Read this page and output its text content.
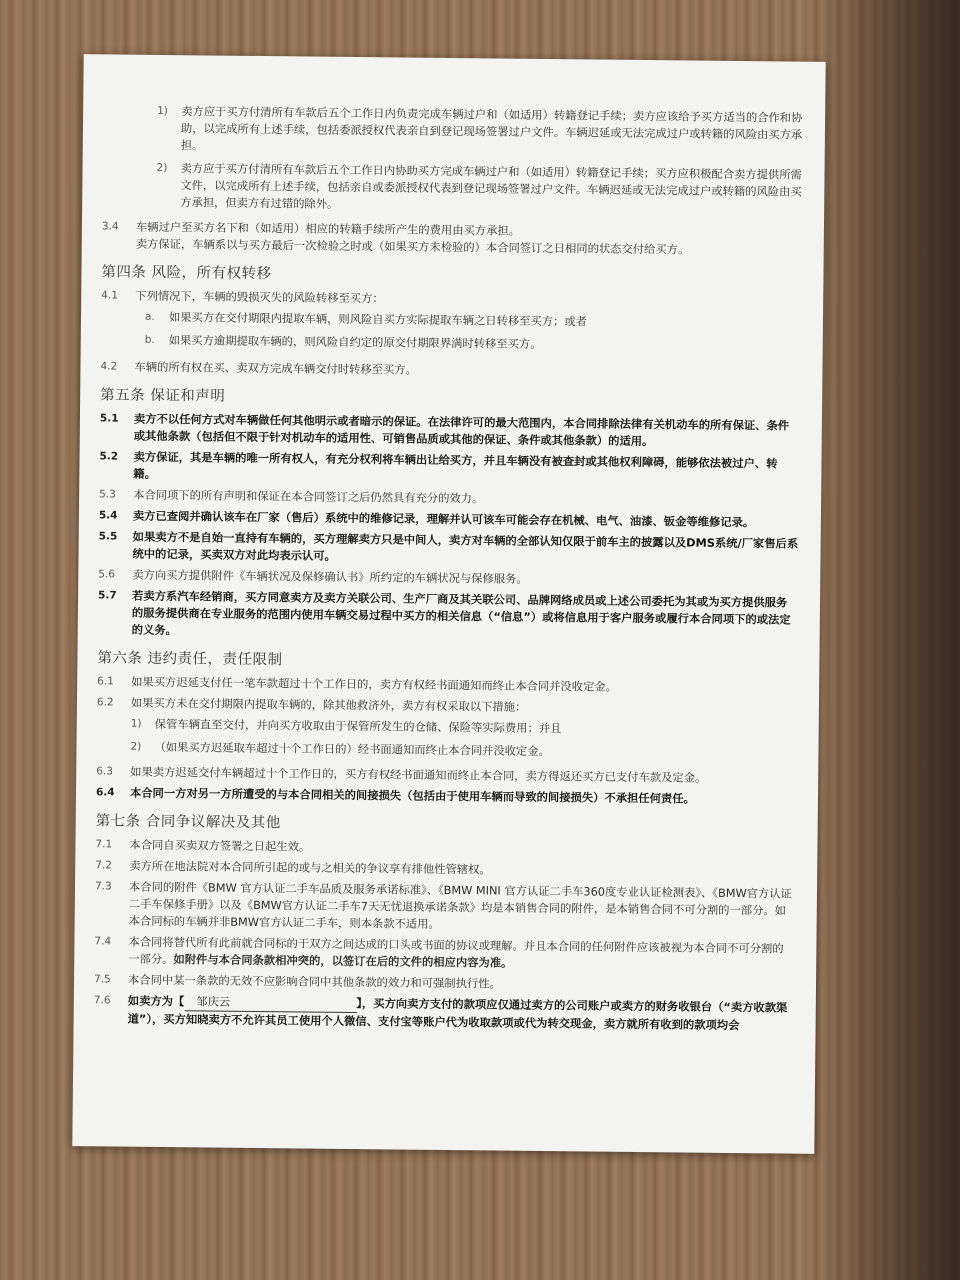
1)	卖方应于买方付清所有车款后五个工作日内负责完成车辆过户和（如适用）转籍登记手续；卖方应该给予买方适当的合作和协助，以完成所有上述手续，包括委派授权代表亲自到登记现场签署过户文件。车辆迟延或无法完成过户或转籍的风险由买方承担。
2)	卖方应于买方付清所有车款后五个工作日内协助买方完成车辆过户和（如适用）转籍登记手续；买方应积极配合卖方提供所需文件，以完成所有上述手续，包括亲自或委派授权代表到登记现场签署过户文件。车辆迟延或无法完成过户或转籍的风险由买方承担，但卖方有过错的除外。
3.4	车辆过户至买方名下和（如适用）相应的转籍手续所产生的费用由买方承担。
卖方保证，车辆系以与买方最后一次检验之时或（如果买方未检验的）本合同签订之日相同的状态交付给买方。
第四条 风险，所有权转移
4.1	下列情况下，车辆的毁损灭失的风险转移至买方：
a.	如果买方在交付期限内提取车辆，则风险自买方实际提取车辆之日转移至买方；或者
b.	如果买方逾期提取车辆的，则风险自约定的原交付期限界满时转移至买方。
4.2	车辆的所有权在买、卖双方完成车辆交付时转移至买方。
第五条 保证和声明
5.1	卖方不以任何方式对车辆做任何其他明示或者暗示的保证。在法律许可的最大范围内，本合同排除法律有关机动车的所有保证、条件或其他条款（包括但不限于针对机动车的适用性、可销售品质或其他的保证、条件或其他条款）的适用。
5.2	卖方保证，其是车辆的唯一所有权人，有充分权利将车辆出让给买方，并且车辆没有被查封或其他权利障碍，能够依法被过户、转籍。
5.3	本合同项下的所有声明和保证在本合同签订之后仍然具有充分的效力。
5.4	卖方已查阅并确认该车在厂家（售后）系统中的维修记录，理解并认可该车可能会存在机械、电气、油漆、钣金等维修记录。
5.5	如果卖方不是自始一直持有车辆的，买方理解卖方只是中间人，卖方对车辆的全部认知仅限于前车主的披露以及DMS系统/厂家售后系统中的记录，买卖双方对此均表示认可。
5.6	卖方向买方提供附件《车辆状况及保修确认书》所约定的车辆状况与保修服务。
5.7	若卖方系汽车经销商，买方同意卖方及卖方关联公司、生产厂商及其关联公司、品牌网络成员或上述公司委托为其或为买方提供服务的服务提供商在专业服务的范围内使用车辆交易过程中买方的相关信息（“信息”）或将信息用于客户服务或履行本合同项下的或法定的义务。
第六条 违约责任，责任限制
6.1	如果买方迟延支付任一笔车款超过十个工作日的，卖方有权经书面通知而终止本合同并没收定金。
6.2	如果买方未在交付期限内提取车辆的，除其他救济外，卖方有权采取以下措施：
1)	保管车辆直至交付，并向买方收取由于保管所发生的仓储、保险等实际费用；并且
2)	（如果买方迟延取车超过十个工作日的）经书面通知而终止本合同并没收定金。
6.3	如果卖方迟延交付车辆超过十个工作日的，买方有权经书面通知而终止本合同，卖方得返还买方已支付车款及定金。
6.4	本合同一方对另一方所遭受的与本合同相关的间接损失（包括由于使用车辆而导致的间接损失）不承担任何责任。
第七条 合同争议解决及其他
7.1	本合同自买卖双方签署之日起生效。
7.2	卖方所在地法院对本合同所引起的或与之相关的争议享有排他性管辖权。
7.3	本合同的附件《BMW 官方认证二手车品质及服务承诺标准》、《BMW MINI 官方认证二手车360度专业认证检测表》、《BMW官方认证二手车保修手册》以及《BMW官方认证二手车7天无忧退换承诺条款》均是本销售合同的附件，是本销售合同不可分割的一部分。如本合同标的车辆并非BMW官方认证二手车，则本条款不适用。
7.4	本合同将替代所有此前就合同标的于双方之间达成的口头或书面的协议或理解。并且本合同的任何附件应该被视为本合同不可分割的一部分。如附件与本合同条款相冲突的，以签订在后的文件的相应内容为准。
7.5	本合同中某一条款的无效不应影响合同中其他条款的效力和可强制执行性。
7.6	如卖方为【 邹庆云	】，买方向卖方支付的款项应仅通过卖方的公司账户或卖方的财务收银台（“卖方收款渠道”），买方知晓卖方不允许其员工使用个人微信、支付宝等账户代为收取款项或代为转交现金，卖方就所有收到的款项均会
